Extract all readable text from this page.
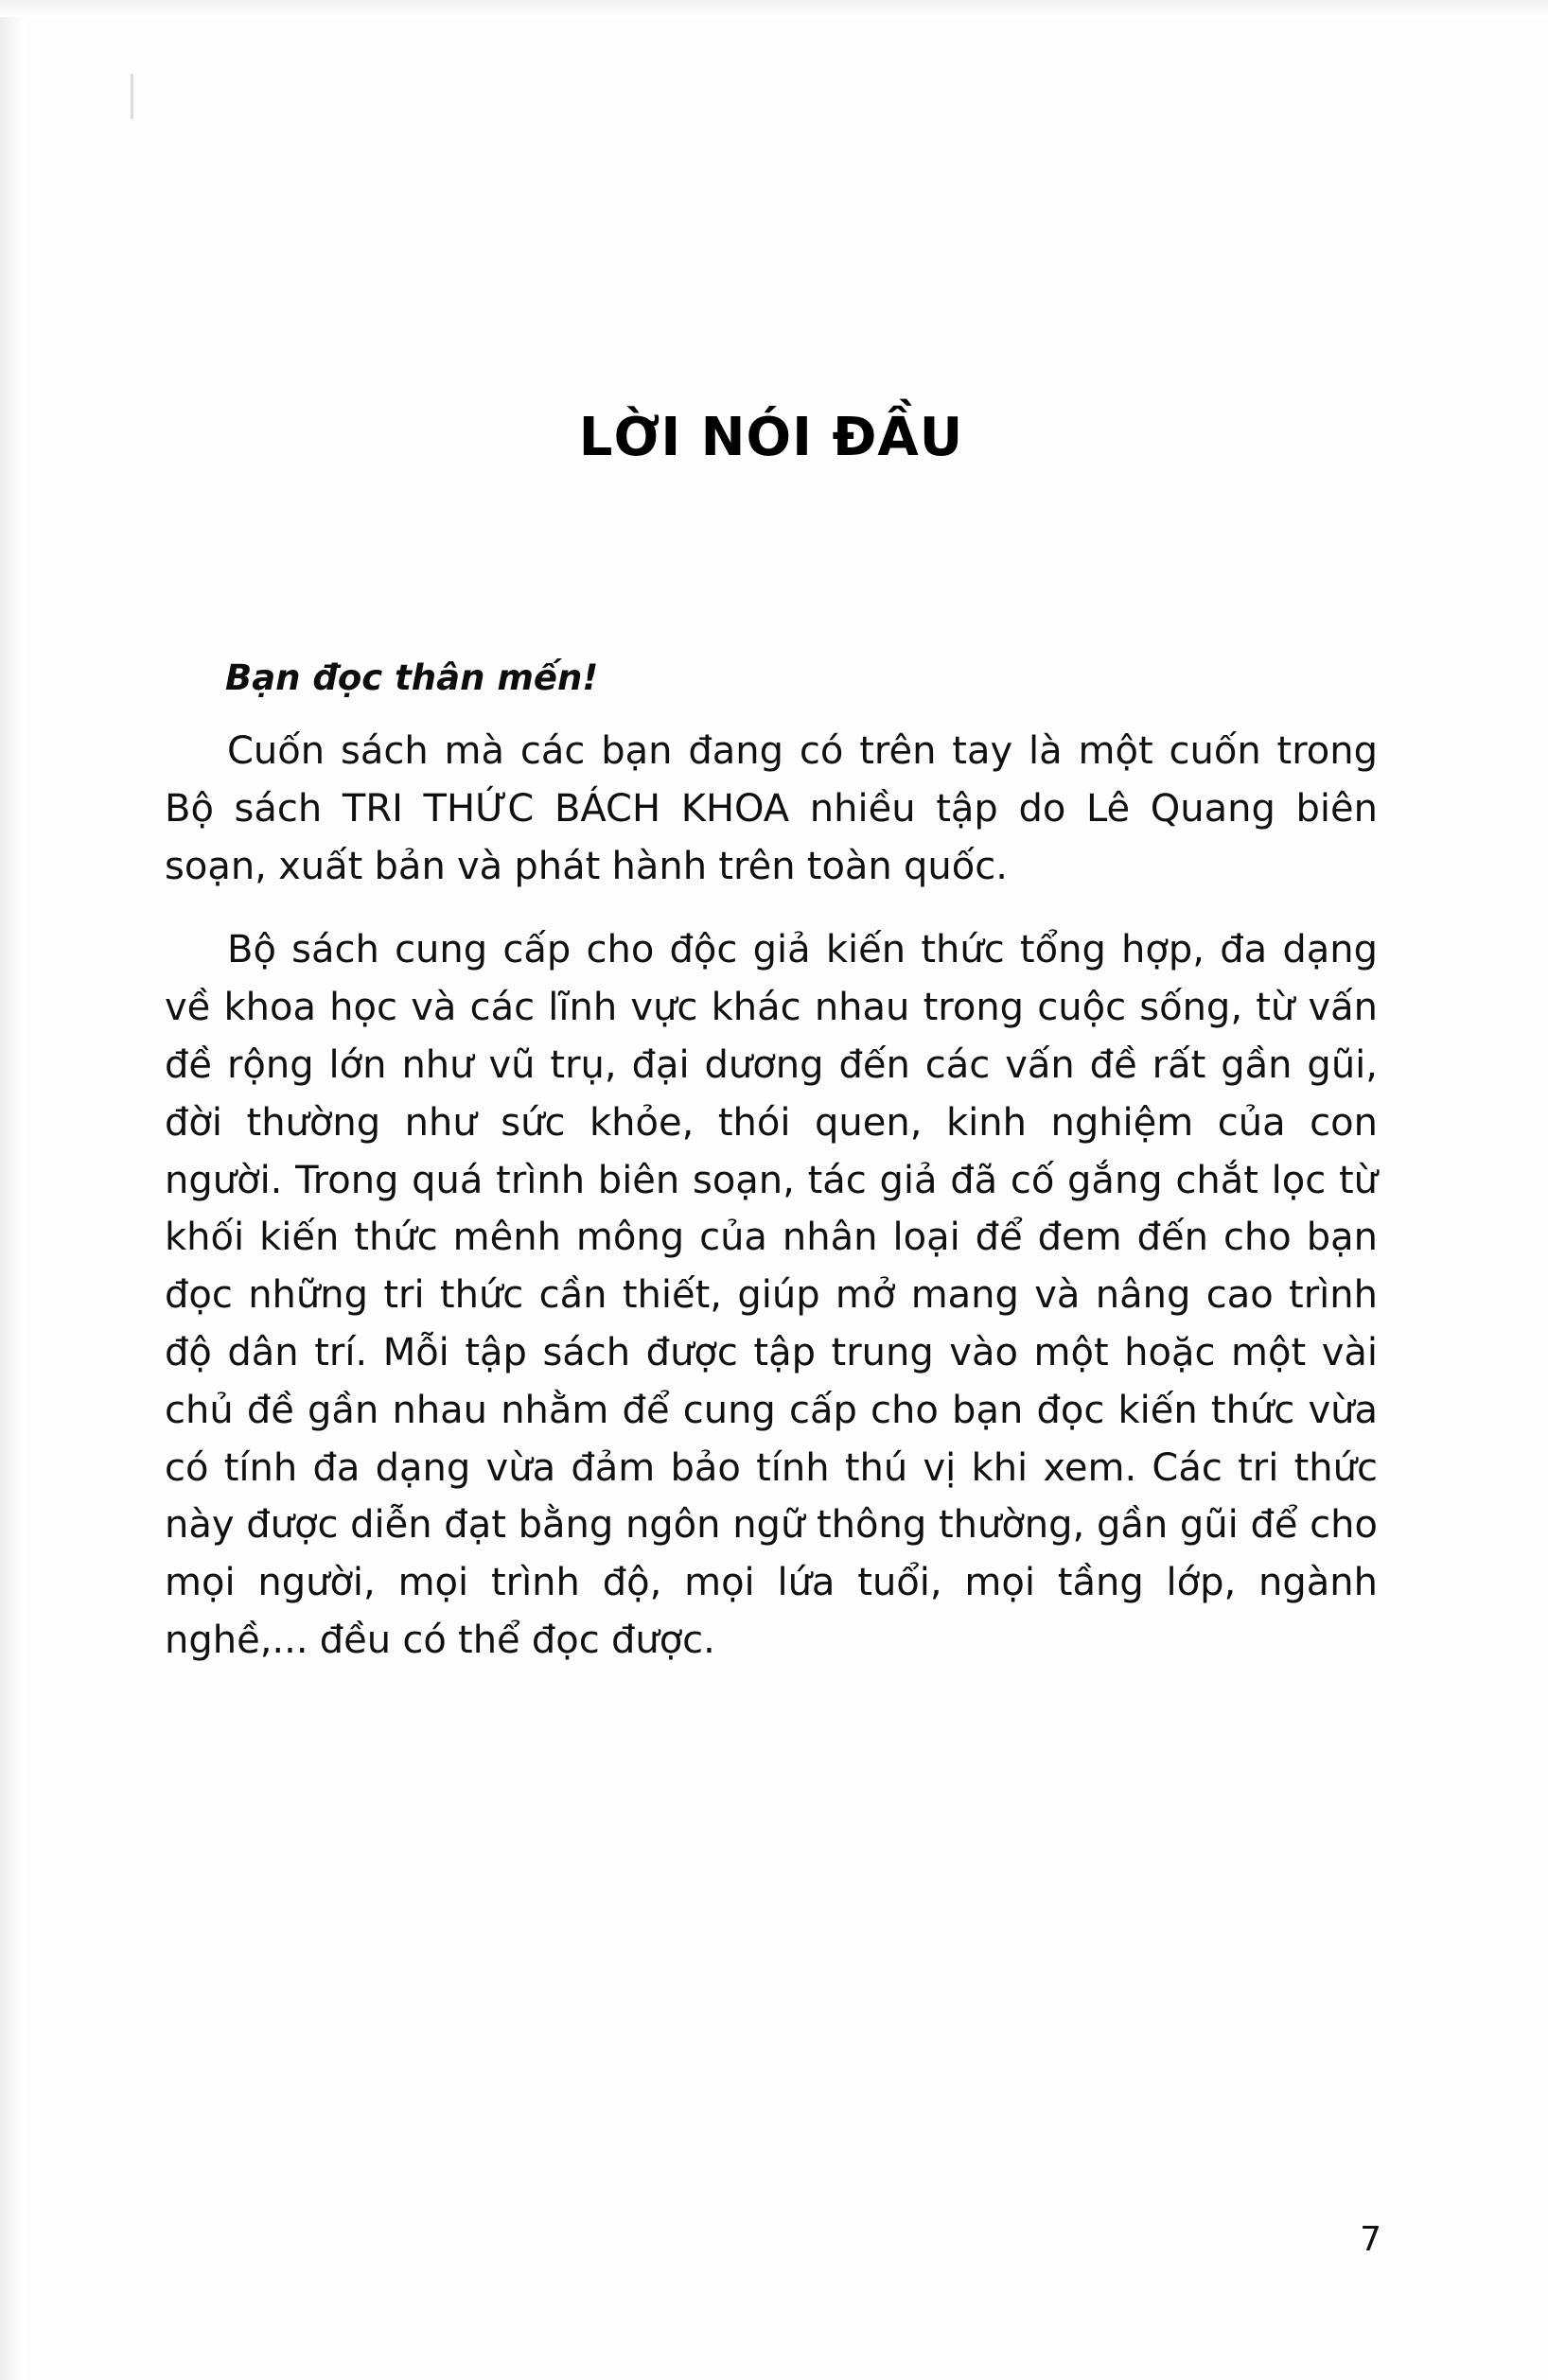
LỜI NÓI ĐẦU
Bạn đọc thân mến!

Cuốn sách mà các bạn đang có trên tay là một cuốn trong Bộ sách TRI THỨC BÁCH KHOA nhiều tập do Lê Quang biên soạn, xuất bản và phát hành trên toàn quốc.

Bộ sách cung cấp cho độc giả kiến thức tổng hợp, đa dạng về khoa học và các lĩnh vực khác nhau trong cuộc sống, từ vấn đề rộng lớn như vũ trụ, đại dương đến các vấn đề rất gần gũi, đời thường như sức khỏe, thói quen, kinh nghiệm của con người. Trong quá trình biên soạn, tác giả đã cố gắng chắt lọc từ khối kiến thức mênh mông của nhân loại để đem đến cho bạn đọc những tri thức cần thiết, giúp mở mang và nâng cao trình độ dân trí. Mỗi tập sách được tập trung vào một hoặc một vài chủ đề gần nhau nhằm để cung cấp cho bạn đọc kiến thức vừa có tính đa dạng vừa đảm bảo tính thú vị khi xem. Các tri thức này được diễn đạt bằng ngôn ngữ thông thường, gần gũi để cho mọi người, mọi trình độ, mọi lứa tuổi, mọi tầng lớp, ngành nghề,... đều có thể đọc được.

7
